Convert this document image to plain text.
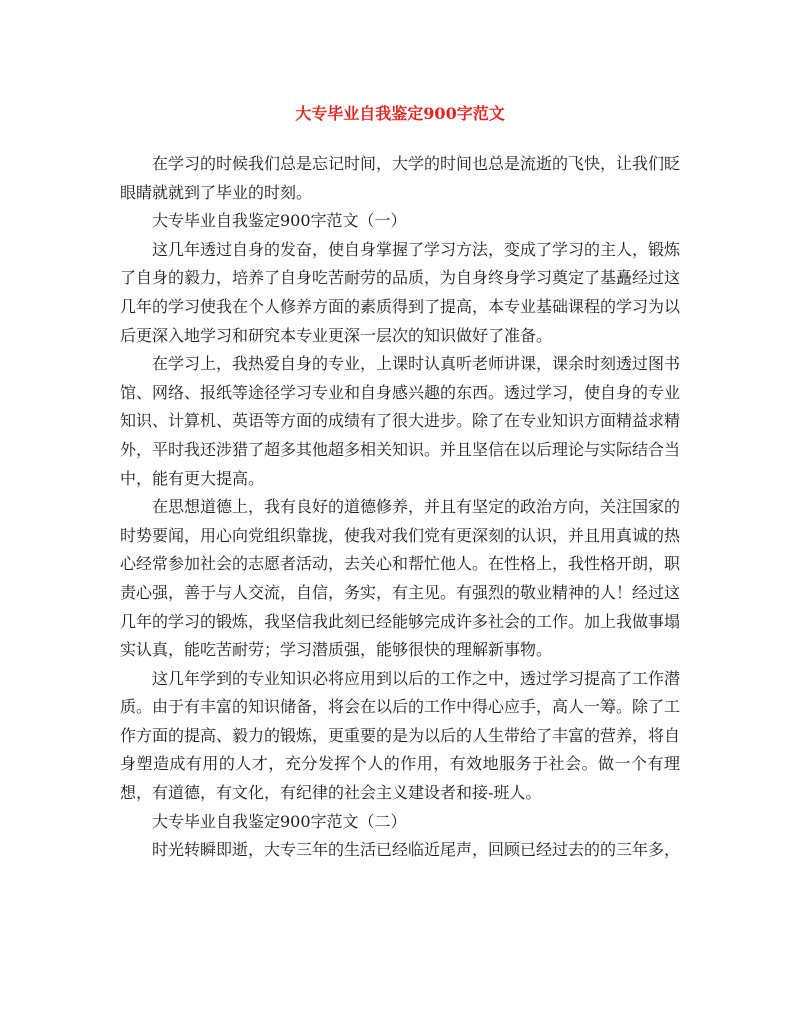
大专毕业自我鉴定900字范文

在学习的时候我们总是忘记时间，大学的时间也总是流逝的飞快，让我们眨眼睛就就到了毕业的时刻。

大专毕业自我鉴定900字范文（一）

这几年透过自身的发奋，使自身掌握了学习方法，变成了学习的主人，锻炼了自身的毅力，培养了自身吃苦耐劳的品质，为自身终身学习奠定了基矗经过这几年的学习使我在个人修养方面的素质得到了提高，本专业基础课程的学习为以后更深入地学习和研究本专业更深一层次的知识做好了准备。

在学习上，我热爱自身的专业，上课时认真听老师讲课，课余时刻透过图书馆、网络、报纸等途径学习专业和自身感兴趣的东西。透过学习，使自身的专业知识、计算机、英语等方面的成绩有了很大进步。除了在专业知识方面精益求精外，平时我还涉猎了超多其他超多相关知识。并且坚信在以后理论与实际结合当中，能有更大提高。

在思想道德上，我有良好的道德修养，并且有坚定的政治方向，关注国家的时势要闻，用心向党组织靠拢，使我对我们党有更深刻的认识，并且用真诚的热心经常参加社会的志愿者活动，去关心和帮忙他人。在性格上，我性格开朗，职责心强，善于与人交流，自信，务实，有主见。有强烈的敬业精神的人！经过这几年的学习的锻炼，我坚信我此刻已经能够完成许多社会的工作。加上我做事塌实认真，能吃苦耐劳；学习潜质强，能够很快的理解新事物。

这几年学到的专业知识必将应用到以后的工作之中，透过学习提高了工作潜质。由于有丰富的知识储备，将会在以后的工作中得心应手，高人一筹。除了工作方面的提高、毅力的锻炼，更重要的是为以后的人生带给了丰富的营养，将自身塑造成有用的人才，充分发挥个人的作用，有效地服务于社会。做一个有理想，有道德，有文化，有纪律的社会主义建设者和接-班人。

大专毕业自我鉴定900字范文（二）

时光转瞬即逝，大专三年的生活已经临近尾声，回顾已经过去的的三年多，
